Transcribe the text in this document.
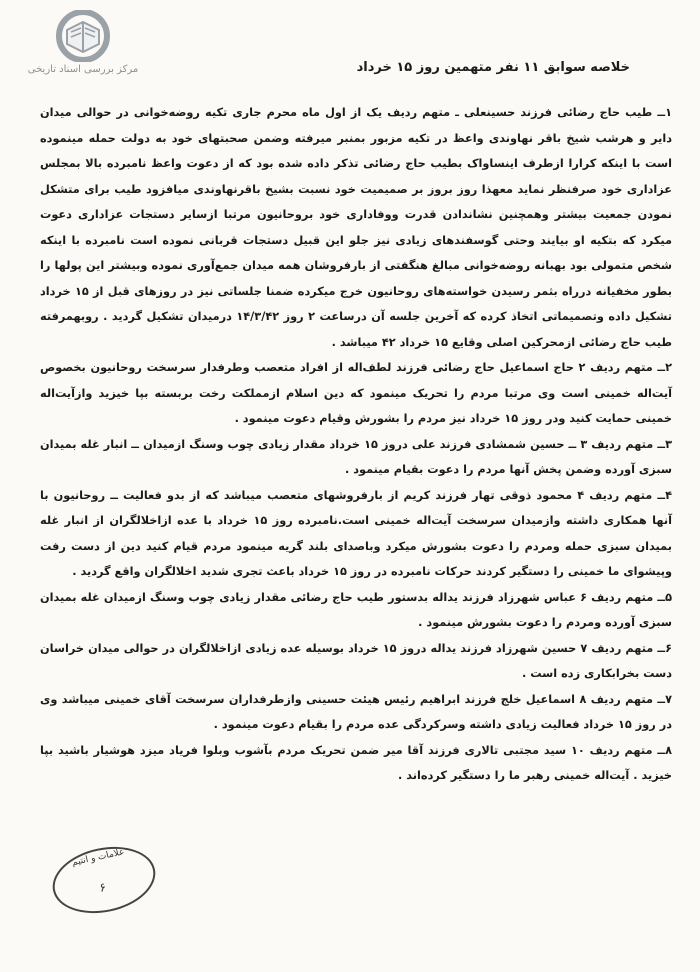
مرکز بررسی اسناد تاریخی	خلاصه سوابق ۱۱ نفر متهمین روز ۱۵ خرداد

۱ــ طیب حاج رضائی فرزند حسینعلی ـ متهم ردیف یک از اول ماه محرم جاری تکیه روضه‌خوانی در حوالی میدان دایر و هرشب شیخ باقر نهاوندی واعظ در تکیه مزبور بمنبر میرفته وضمن صحبتهای خود به دولت حمله مینموده است با اینکه کرارا ازطرف اینساواک بطیب حاج رضائی تذکر داده شده بود که از دعوت واعظ نامبرده بالا بمجلس عزاداری خود صرفنظر نماید معهذا روز بروز بر صمیمیت خود نسبت بشیخ باقرنهاوندی میافزود طیب برای متشکل نمودن جمعیت بیشتر وهمچنین نشاندادن قدرت ووفاداری خود بروحانیون مرتبا ازسایر دستجات عزاداری دعوت میکرد که بتکیه او بیایند وحتی گوسفندهای زیادی نیز جلو این قبیل دستجات قربانی نموده است نامبرده با اینکه شخص متمولی بود بهبانه روضه‌خوانی مبالغ هنگفتی از بارفروشان همه میدان جمع‌آوری نموده وبیشتر این پولها را بطور مخفیانه درراه بثمر رسیدن خواسته‌های روحانیون خرج میکرده ضمنا جلساتی نیز در روزهای قبل از ۱۵ خرداد تشکیل داده وتصمیماتی اتخاذ کرده که آخرین جلسه آن درساعت ۲ روز ۱۴/۳/۴۲ درمیدان تشکیل گردید . روبهمرفته طیب حاج رضائی ازمحرکین اصلی وقایع ۱۵ خرداد ۴۲ میباشد .

۲ــ متهم ردیف ۲ حاج اسماعیل حاج رضائی فرزند لطف‌اله از افراد متعصب وطرفدار سرسخت روحانیون بخصوص آیت‌اله خمینی است وی مرتبا مردم را تحریک مینمود که دین اسلام ازمملکت رخت بربسته بپا خیزید وازآیت‌اله خمینی حمایت کنید ودر روز ۱۵ خرداد نیز مردم را بشورش وقیام دعوت مینمود .

۳ــ متهم ردیف ۳ ــ حسین شمشادی فرزند علی دروز ۱۵ خرداد مقدار زیادی چوب وسنگ ازمیدان ــ انبار غله بمیدان سبزی آورده وضمن پخش آنها مردم را دعوت بقیام مینمود .

۴ــ متهم ردیف ۴ محمود ذوقی تهار فرزند کریم از بارفروشهای متعصب میباشد که از بدو فعالیت ــ روحانیون با آنها همکاری داشته وازمیدان سرسخت آیت‌اله خمینی است.نامبرده روز ۱۵ خرداد با عده ازاخلالگران از انبار غله بمیدان سبزی حمله ومردم را دعوت بشورش میکرد وباصدای بلند گریه مینمود مردم قیام کنید دین از دست رفت وپیشوای ما خمینی را دستگیر کردند حرکات نامبرده در روز ۱۵ خرداد باعث تجری شدید اخلالگران واقع گردید .

۵ــ متهم ردیف ۶ عباس شهرزاد فرزند یداله بدستور طیب حاج رضائی مقدار زیادی چوب وسنگ ازمیدان غله بمیدان سبزی آورده ومردم را دعوت بشورش مینمود .

۶ــ متهم ردیف ۷ حسین شهرزاد فرزند یداله دروز ۱۵ خرداد بوسیله عده زیادی ازاخلالگران در حوالی میدان خراسان دست بخرابکاری زده است .

۷ــ متهم ردیف ۸ اسماعیل خلج فرزند ابراهیم رئیس هیئت حسینی وازطرفداران سرسخت آقای خمینی میباشد وی در روز ۱۵ خرداد فعالیت زیادی داشته وسرکردگی عده مردم را بقیام دعوت مینمود .

۸ــ متهم ردیف ۱۰ سید مجتبی تالاری فرزند آقا میر ضمن تحریک مردم بآشوب وبلوا فریاد میزد هوشیار باشید بپا خیزید . آیت‌اله خمینی رهبر ما را دستگیر کرده‌اند .

علامات و انتیم
۶
